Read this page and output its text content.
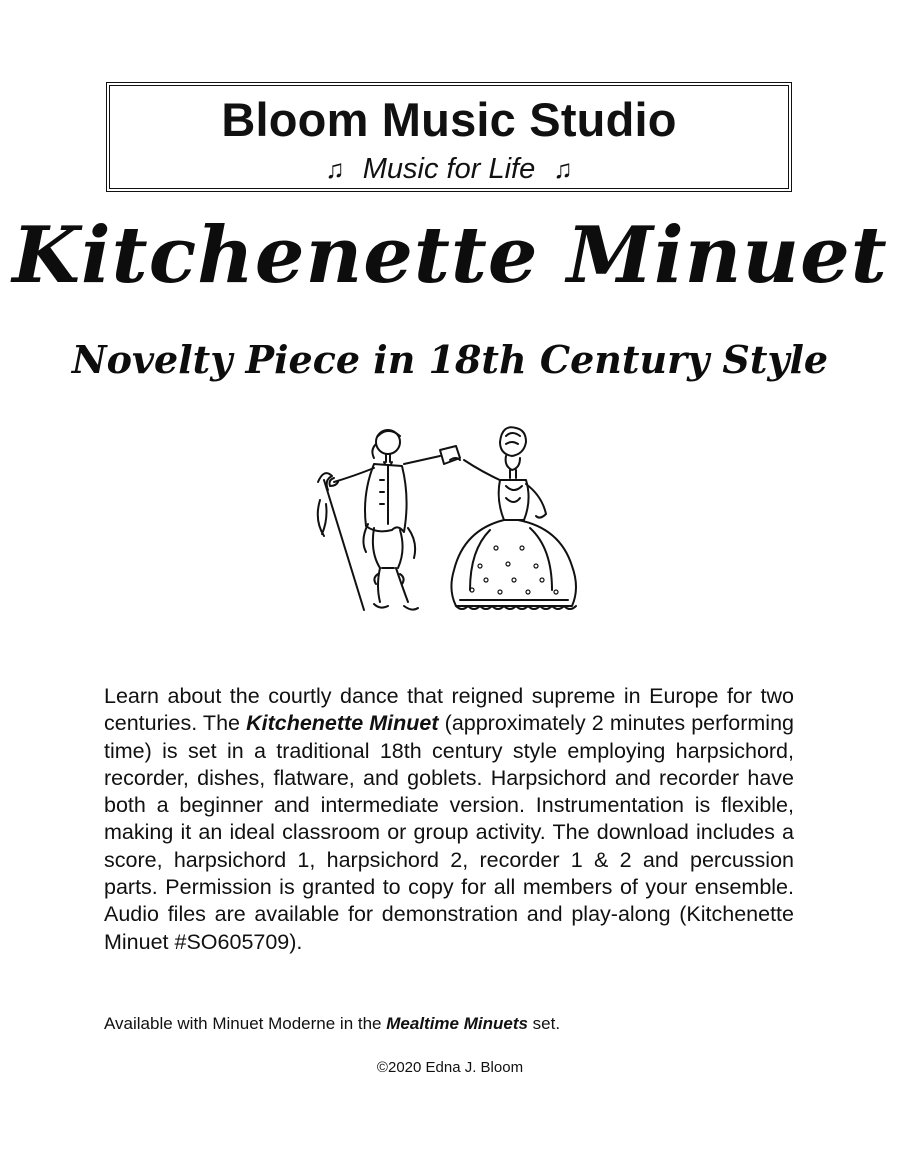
Bloom Music Studio
♫ Music for Life ♫
Kitchenette Minuet
Novelty Piece in 18th Century Style
Learn about the courtly dance that reigned supreme in Europe for two centuries. The Kitchenette Minuet (approximately 2 minutes performing time) is set in a traditional 18th century style employing harpsichord, recorder, dishes, flatware, and goblets. Harpsichord and recorder have both a beginner and intermediate version. Instrumentation is flexible, making it an ideal classroom or group activity. The download includes a score, harpsichord 1, harpsichord 2, recorder 1 & 2 and percussion parts. Permission is granted to copy for all members of your ensemble. Audio files are available for demonstration and play-along (Kitchenette Minuet #SO605709).
Available with Minuet Moderne in the Mealtime Minuets set.
©2020 Edna J. Bloom
